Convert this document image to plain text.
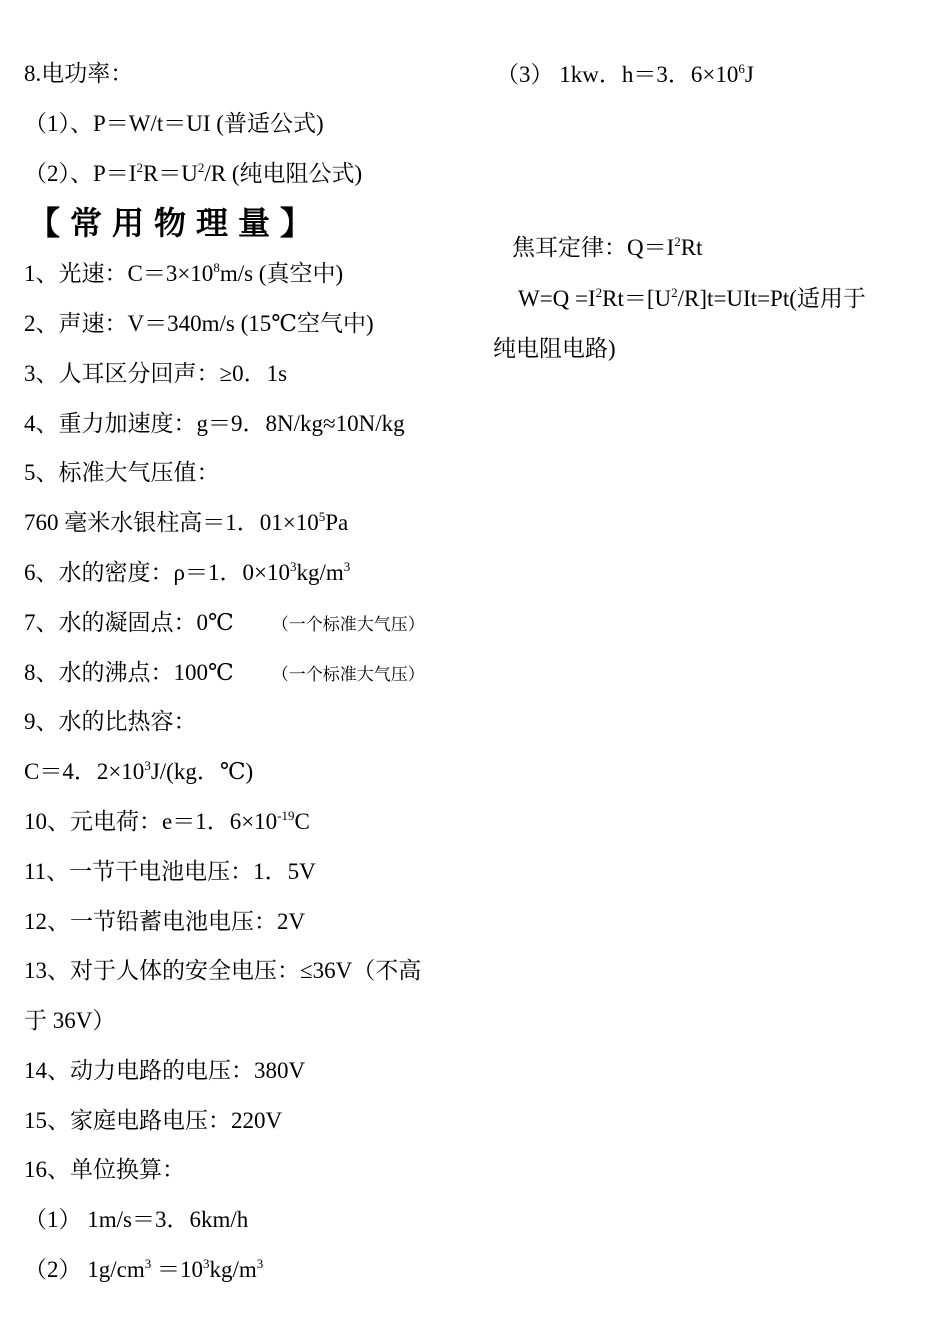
8.电功率：
（1）、P＝W/t＝UI (普适公式)
（2）、$P=I^2R=U^2/R$ (纯电阻公式)
【常用物理量】
1、光速：$C=3\times 10^8m/s$ (真空中)
2、声速：V＝340m/s (15℃空气中)
3、人耳区分回声：≥0．1s
4、重力加速度：g＝9．8N/kg≈10N/kg
5、标准大气压值：
760 毫米水银柱高＝1．$01\times 10^5Pa$
6、水的密度：ρ＝1．$0\times 10^3kg/m^3$
7、水的凝固点：0℃ （一个标准大气压）
8、水的沸点：100℃ （一个标准大气压）
9、水的比热容：
C＝4．$2\times 10^3J/(kg$．℃)
10、元电荷：e＝1．$6\times 10^{-19}C$
11、一节干电池电压：1．5V
12、一节铅蓄电池电压：2V
13、对于人体的安全电压：≤36V（不高
于 36V）
14、动力电路的电压：380V
15、家庭电路电压：220V
16、单位换算：
（1） 1m/s＝3．6km/h
（2） $1g/cm^3 =10^3kg/m^3$
（3） 1kw．h＝3．$6\times 10^6J$
焦耳定律：$Q=I^2Rt$
$W=Q =I^2Rt=[U^2/R]t=UIt=Pt$(适用于
纯电阻电路)
